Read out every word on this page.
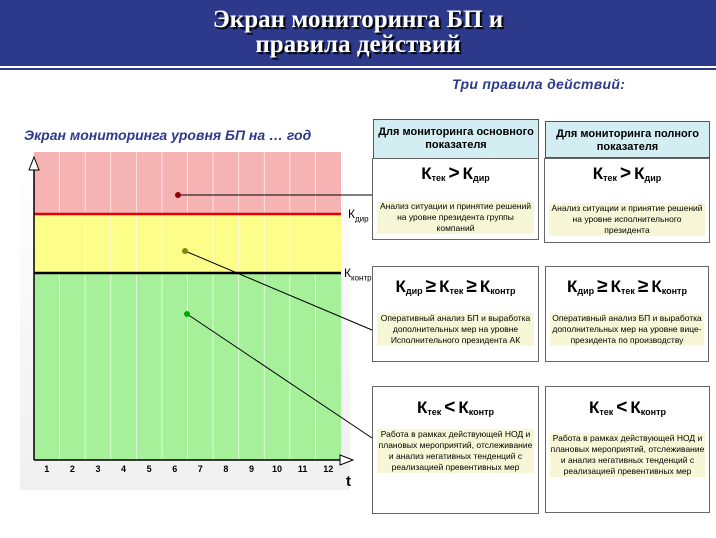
Экран мониторинга БП и
правила действий
Три правила действий:
Экран мониторинга уровня БП на … год
1 2 3 4 5 6 7 8 9 10 11 12
t
$К_{дир}$
$К_{контр}$
Для мониторинга основного показателя
Для мониторинга полного показателя
$К_{тек} > К_{дир}$
Анализ ситуации и принятие решений на уровне президента группы компаний
$К_{тек} > К_{дир}$
Анализ ситуации и принятие решений на уровне исполнительного президента
$К_{дир} \ge К_{тек} \ge К_{контр}$
Оперативный анализ БП и выработка дополнительных мер на уровне Исполнительного президента АК
$К_{дир} \ge К_{тек} \ge К_{контр}$
Оперативный анализ БП и выработка дополнительных мер на уровне вице-президента по производству
$К_{тек} < К_{контр}$
Работа в рамках действующей НОД и плановых мероприятий, отслеживание и анализ негативных тенденций с реализацией превентивных мер
$К_{тек} < К_{контр}$
Работа в рамках действующей НОД и плановых мероприятий, отслеживание и анализ негативных тенденций с реализацией превентивных мер
